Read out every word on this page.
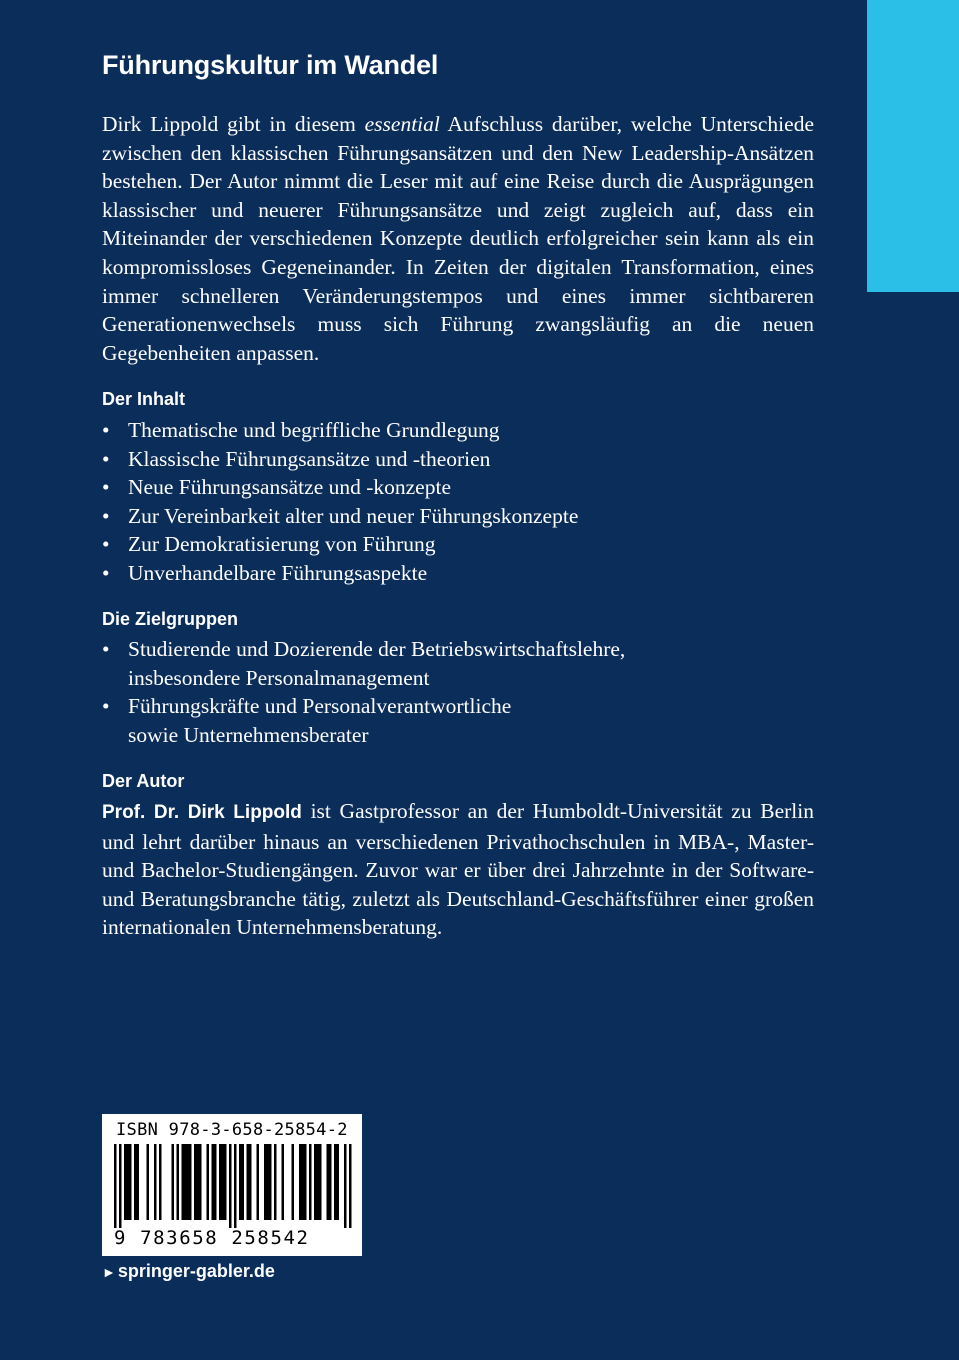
Führungskultur im Wandel

Dirk Lippold gibt in diesem essential Aufschluss darüber, welche Unterschiede zwischen den klassischen Führungsansätzen und den New Leadership-Ansätzen bestehen. Der Autor nimmt die Leser mit auf eine Reise durch die Ausprägungen klassischer und neuerer Führungsansätze und zeigt zugleich auf, dass ein Miteinander der verschiedenen Konzepte deutlich erfolgreicher sein kann als ein kompromissloses Gegeneinander. In Zeiten der digitalen Transformation, eines immer schnelleren Veränderungstempos und eines immer sichtbareren Generationenwechsels muss sich Führung zwangsläufig an die neuen Gegebenheiten anpassen.

Der Inhalt
• Thematische und begriffliche Grundlegung
• Klassische Führungsansätze und -theorien
• Neue Führungsansätze und -konzepte
• Zur Vereinbarkeit alter und neuer Führungskonzepte
• Zur Demokratisierung von Führung
• Unverhandelbare Führungsaspekte
Die Zielgruppen
• Studierende und Dozierende der Betriebswirtschaftslehre,
insbesondere Personalmanagement
• Führungskräfte und Personalverantwortliche
sowie Unternehmensberater
Der Autor

Prof. Dr. Dirk Lippold ist Gastprofessor an der Humboldt-Universität zu Berlin und lehrt darüber hinaus an verschiedenen Privathochschulen in MBA-, Master- und Bachelor-Studiengängen. Zuvor war er über drei Jahrzehnte in der Software- und Beratungsbranche tätig, zuletzt als Deutschland-Geschäftsführer einer großen internationalen Unternehmensberatung.

ISBN 978-3-658-25854-2
9 783658 258542
► springer-gabler.de
